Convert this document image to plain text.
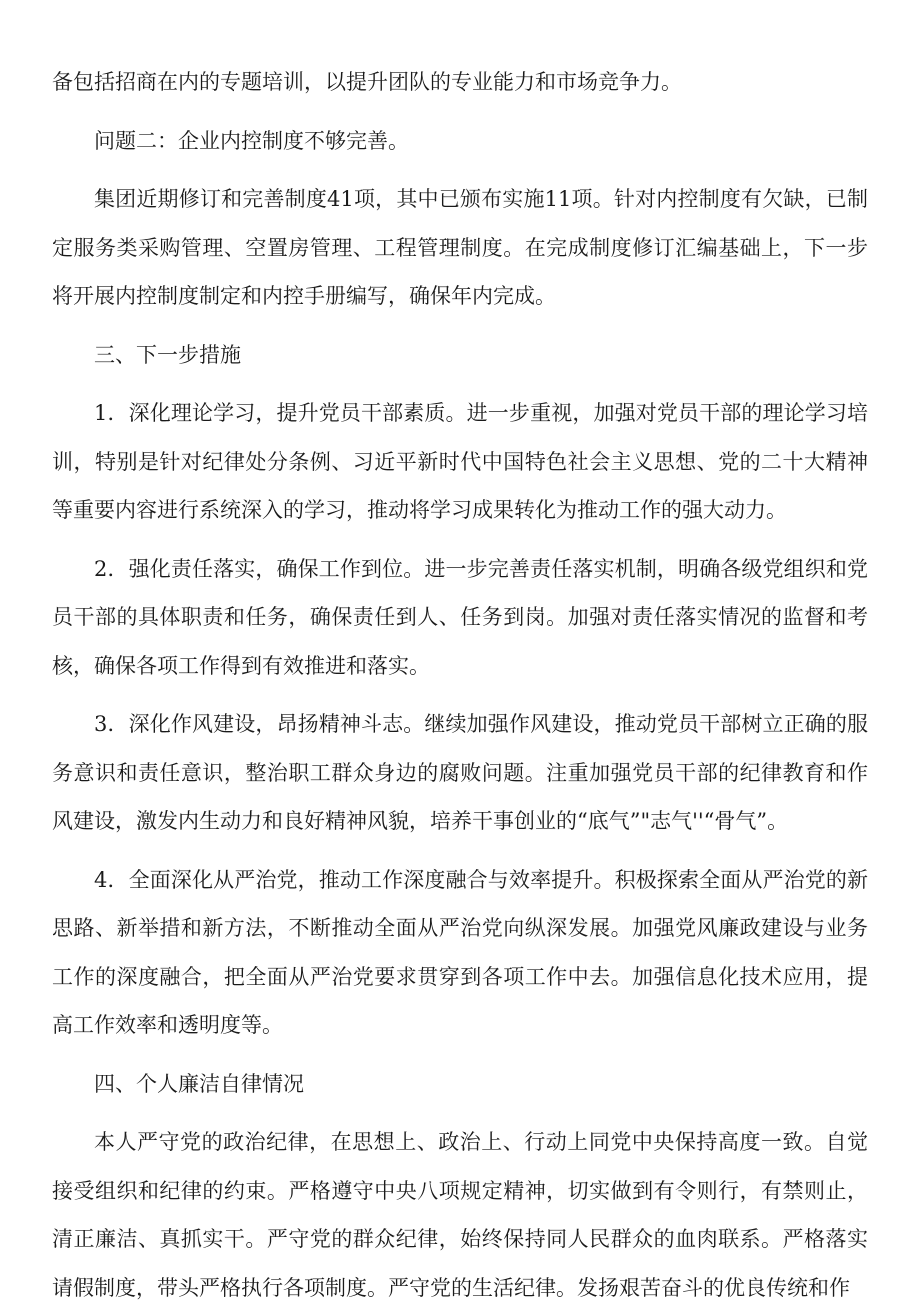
备包括招商在内的专题培训，以提升团队的专业能力和市场竞争力。

问题二：企业内控制度不够完善。

集团近期修订和完善制度41项，其中已颁布实施11项。针对内控制度有欠缺，已制定服务类采购管理、空置房管理、工程管理制度。在完成制度修订汇编基础上，下一步将开展内控制度制定和内控手册编写，确保年内完成。

三、下一步措施

1．深化理论学习，提升党员干部素质。进一步重视，加强对党员干部的理论学习培训，特别是针对纪律处分条例、习近平新时代中国特色社会主义思想、党的二十大精神等重要内容进行系统深入的学习，推动将学习成果转化为推动工作的强大动力。

2．强化责任落实，确保工作到位。进一步完善责任落实机制，明确各级党组织和党员干部的具体职责和任务，确保责任到人、任务到岗。加强对责任落实情况的监督和考核，确保各项工作得到有效推进和落实。

3．深化作风建设，昂扬精神斗志。继续加强作风建设，推动党员干部树立正确的服务意识和责任意识，整治职工群众身边的腐败问题。注重加强党员干部的纪律教育和作风建设，激发内生动力和良好精神风貌，培养干事创业的“底气”"志气''“骨气”。

4．全面深化从严治党，推动工作深度融合与效率提升。积极探索全面从严治党的新思路、新举措和新方法，不断推动全面从严治党向纵深发展。加强党风廉政建设与业务工作的深度融合，把全面从严治党要求贯穿到各项工作中去。加强信息化技术应用，提高工作效率和透明度等。

四、个人廉洁自律情况

本人严守党的政治纪律，在思想上、政治上、行动上同党中央保持高度一致。自觉接受组织和纪律的约束。严格遵守中央八项规定精神，切实做到有令则行，有禁则止，清正廉洁、真抓实干。严守党的群众纪律，始终保持同人民群众的血肉联系。严格落实请假制度，带头严格执行各项制度。严守党的生活纪律。发扬艰苦奋斗的优良传统和作
